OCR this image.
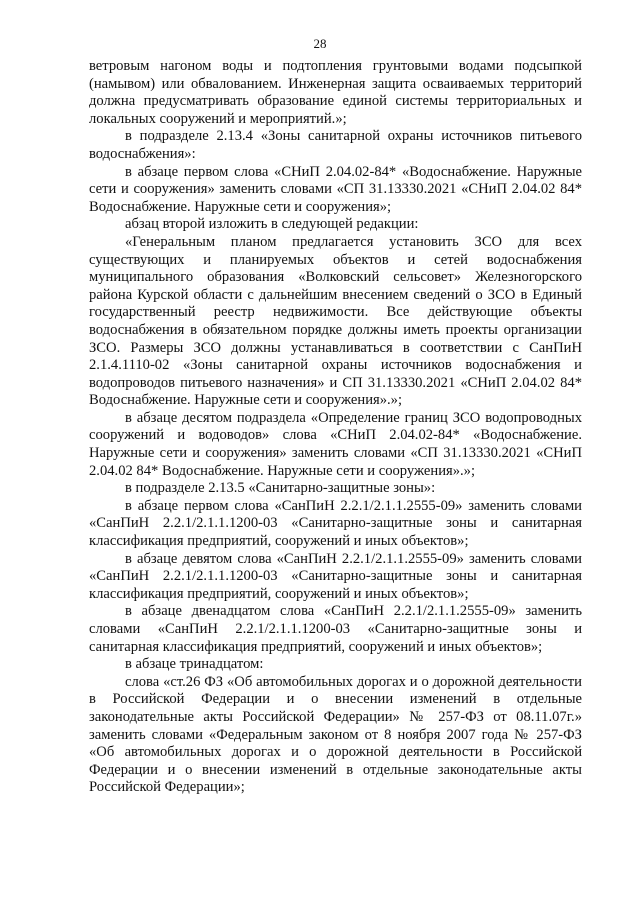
28

ветровым нагоном воды и подтопления грунтовыми водами подсыпкой (намывом) или обвалованием. Инженерная защита осваиваемых территорий должна предусматривать образование единой системы территориальных и локальных сооружений и мероприятий.»;

в подразделе 2.13.4 «Зоны санитарной охраны источников питьевого водоснабжения»:

в абзаце первом слова «СНиП 2.04.02-84* «Водоснабжение. Наружные сети и сооружения» заменить словами «СП 31.13330.2021 «СНиП 2.04.02 84* Водоснабжение. Наружные сети и сооружения»;

абзац второй изложить в следующей редакции:

«Генеральным планом предлагается установить ЗСО для всех существующих и планируемых объектов и сетей водоснабжения муниципального образования «Волковский сельсовет» Железногорского района Курской области с дальнейшим внесением сведений о ЗСО в Единый государственный реестр недвижимости. Все действующие объекты водоснабжения в обязательном порядке должны иметь проекты организации ЗСО. Размеры ЗСО должны устанавливаться в соответствии с СанПиН 2.1.4.1110-02 «Зоны санитарной охраны источников водоснабжения и водопроводов питьевого назначения» и СП 31.13330.2021 «СНиП 2.04.02 84* Водоснабжение. Наружные сети и сооружения».»;

в абзаце десятом подраздела «Определение границ ЗСО водопроводных сооружений и водоводов» слова «СНиП 2.04.02-84* «Водоснабжение. Наружные сети и сооружения» заменить словами «СП 31.13330.2021 «СНиП 2.04.02 84* Водоснабжение. Наружные сети и сооружения».»;

в подразделе 2.13.5 «Санитарно-защитные зоны»:

в абзаце первом слова «СанПиН 2.2.1/2.1.1.2555-09» заменить словами «СанПиН 2.2.1/2.1.1.1200-03 «Санитарно-защитные зоны и санитарная классификация предприятий, сооружений и иных объектов»;

в абзаце девятом слова «СанПиН 2.2.1/2.1.1.2555-09» заменить словами «СанПиН 2.2.1/2.1.1.1200-03 «Санитарно-защитные зоны и санитарная классификация предприятий, сооружений и иных объектов»;

в абзаце двенадцатом слова «СанПиН 2.2.1/2.1.1.2555-09» заменить словами «СанПиН 2.2.1/2.1.1.1200-03 «Санитарно-защитные зоны и санитарная классификация предприятий, сооружений и иных объектов»;

в абзаце тринадцатом:

слова «ст.26 ФЗ «Об автомобильных дорогах и о дорожной деятельности в Российской Федерации и о внесении изменений в отдельные законодательные акты Российской Федерации» № 257-ФЗ от 08.11.07г.» заменить словами «Федеральным законом от 8 ноября 2007 года № 257-ФЗ «Об автомобильных дорогах и о дорожной деятельности в Российской Федерации и о внесении изменений в отдельные законодательные акты Российской Федерации»;
